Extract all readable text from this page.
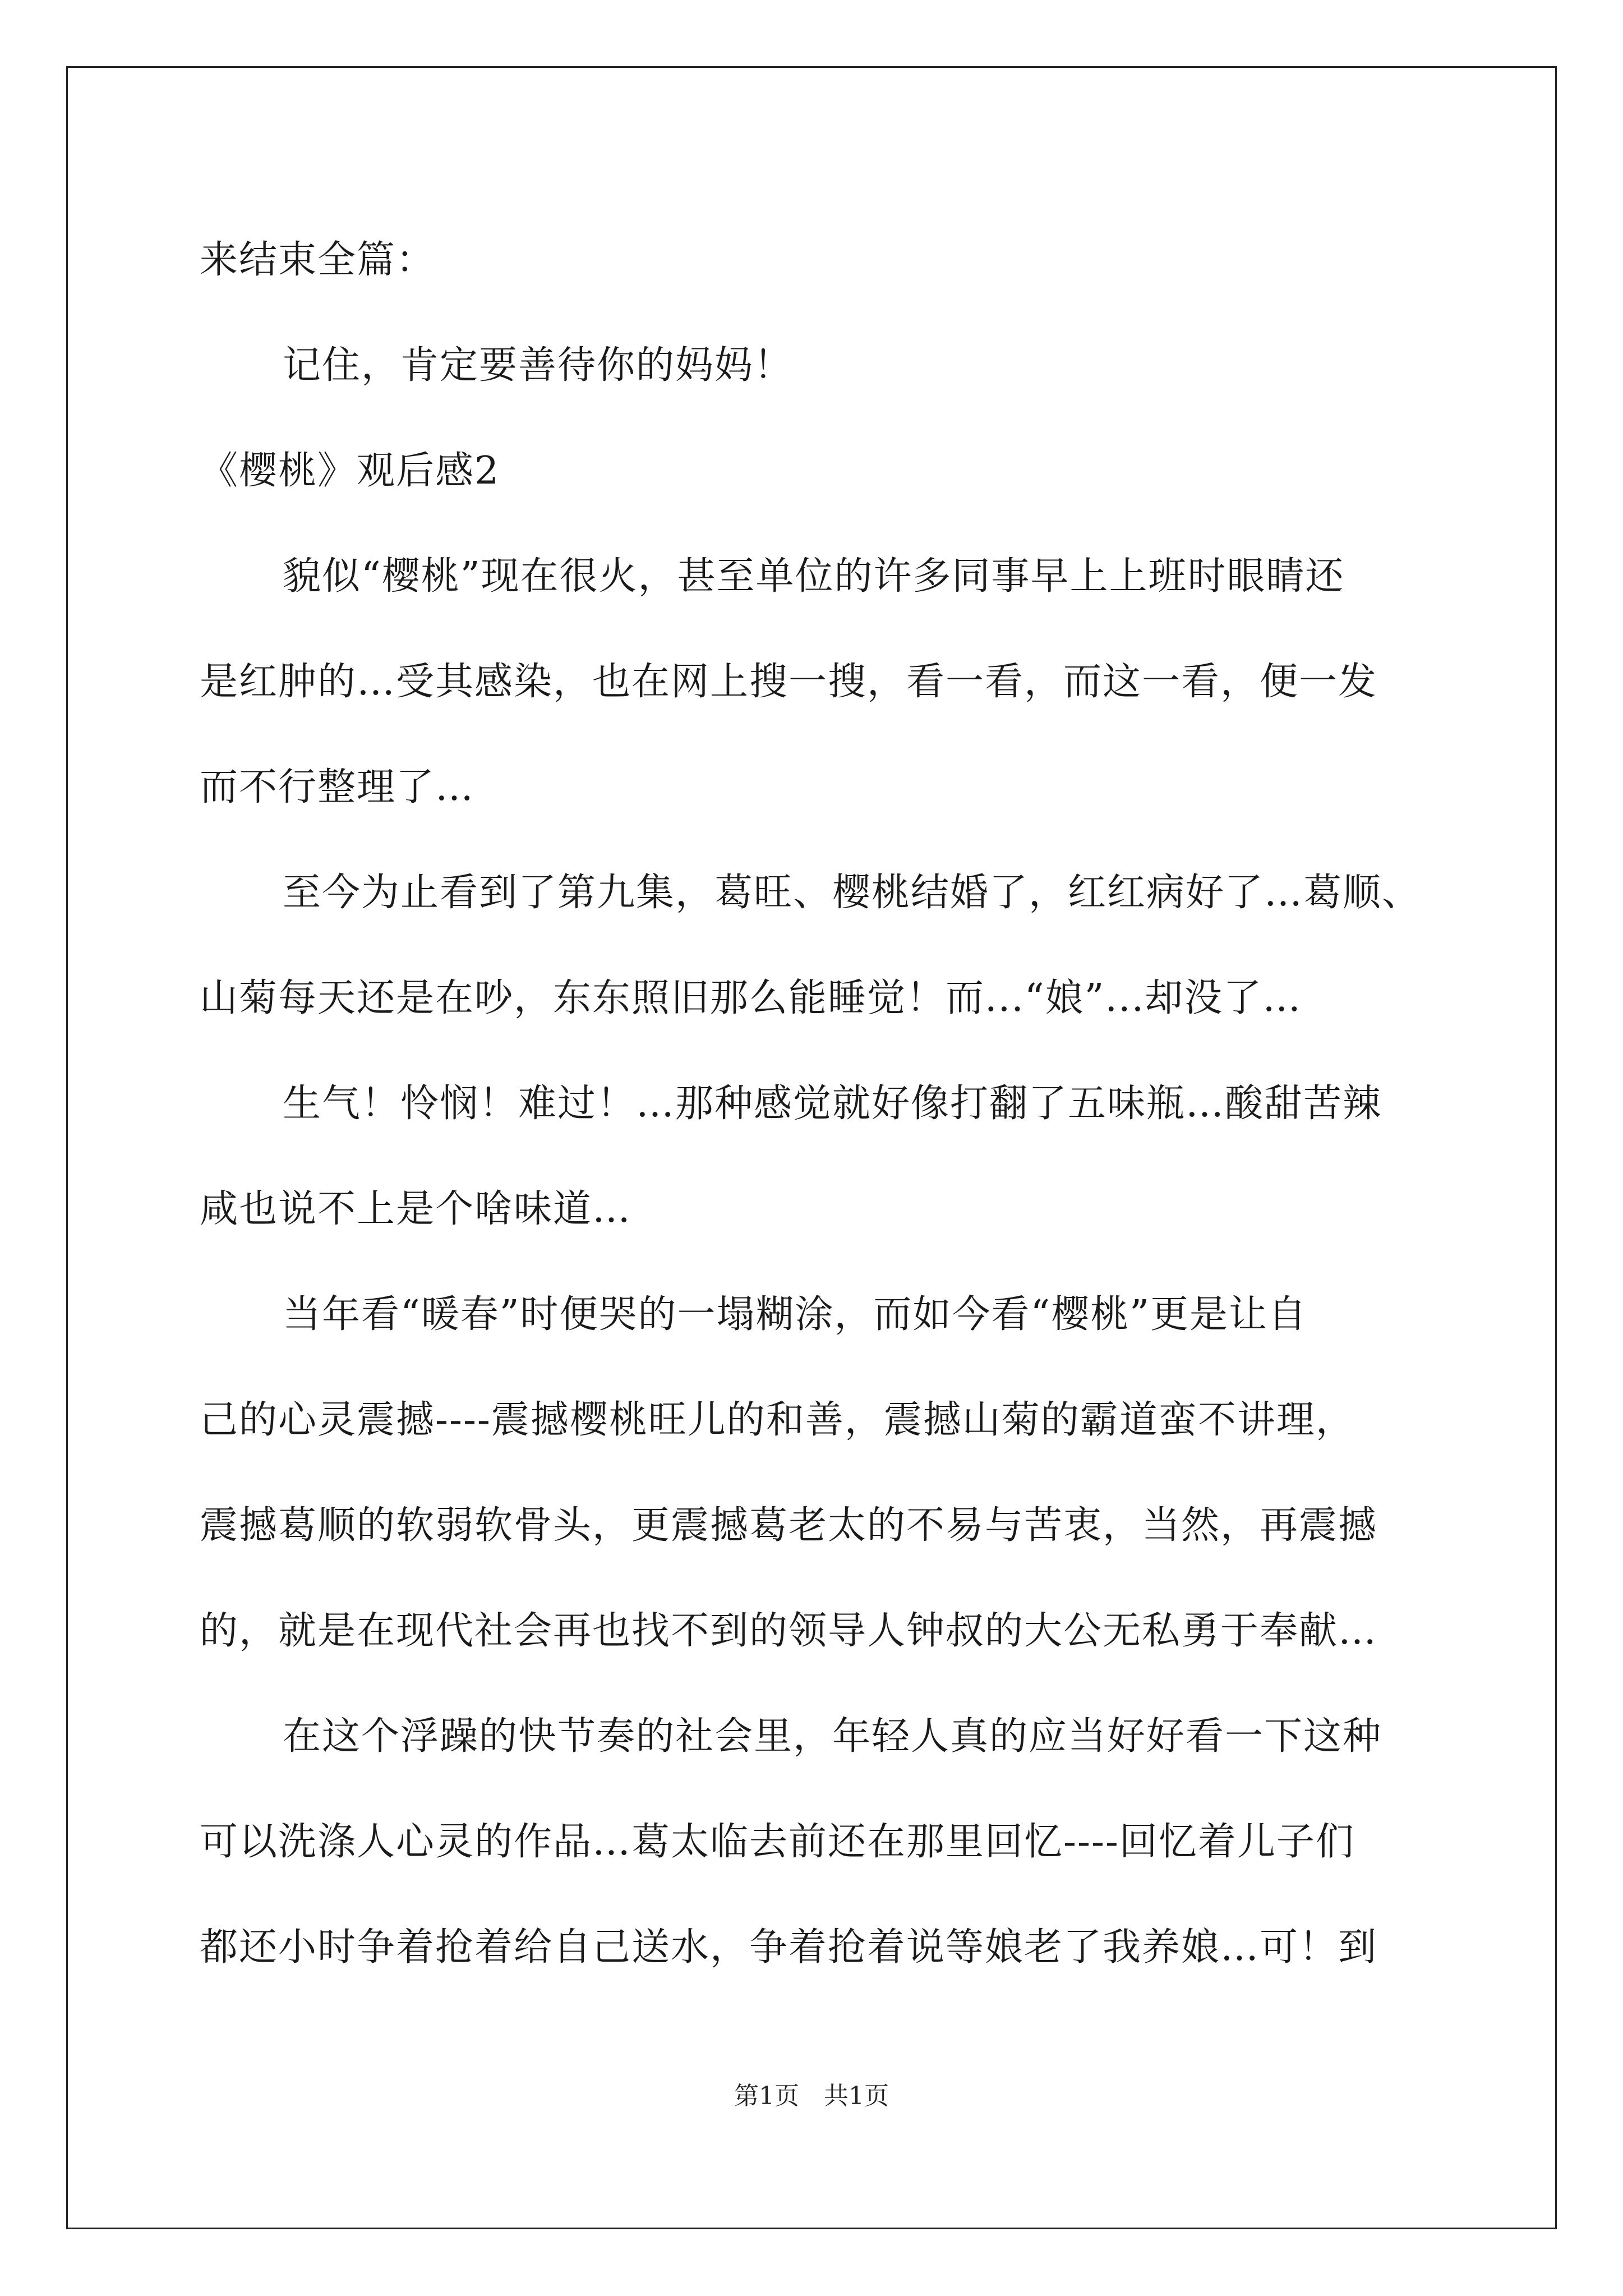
来结束全篇：
记住，肯定要善待你的妈妈！
《樱桃》观后感2
貌似“樱桃”现在很火，甚至单位的许多同事早上上班时眼睛还
是红肿的…受其感染，也在网上搜一搜，看一看，而这一看，便一发
而不行整理了…
至今为止看到了第九集，葛旺、樱桃结婚了，红红病好了…葛顺、
山菊每天还是在吵，东东照旧那么能睡觉！而...“娘”...却没了…
生气！怜悯！难过！…那种感觉就好像打翻了五味瓶…酸甜苦辣
咸也说不上是个啥味道…
当年看“暖春”时便哭的一塌糊涂，而如今看“樱桃”更是让自
己的心灵震撼----震撼樱桃旺儿的和善，震撼山菊的霸道蛮不讲理，
震撼葛顺的软弱软骨头，更震撼葛老太的不易与苦衷，当然，再震撼
的，就是在现代社会再也找不到的领导人钟叔的大公无私勇于奉献…
在这个浮躁的快节奏的社会里，年轻人真的应当好好看一下这种
可以洗涤人心灵的作品…葛太临去前还在那里回忆----回忆着儿子们
都还小时争着抢着给自己送水，争着抢着说等娘老了我养娘…可！到
第1页　共1页
